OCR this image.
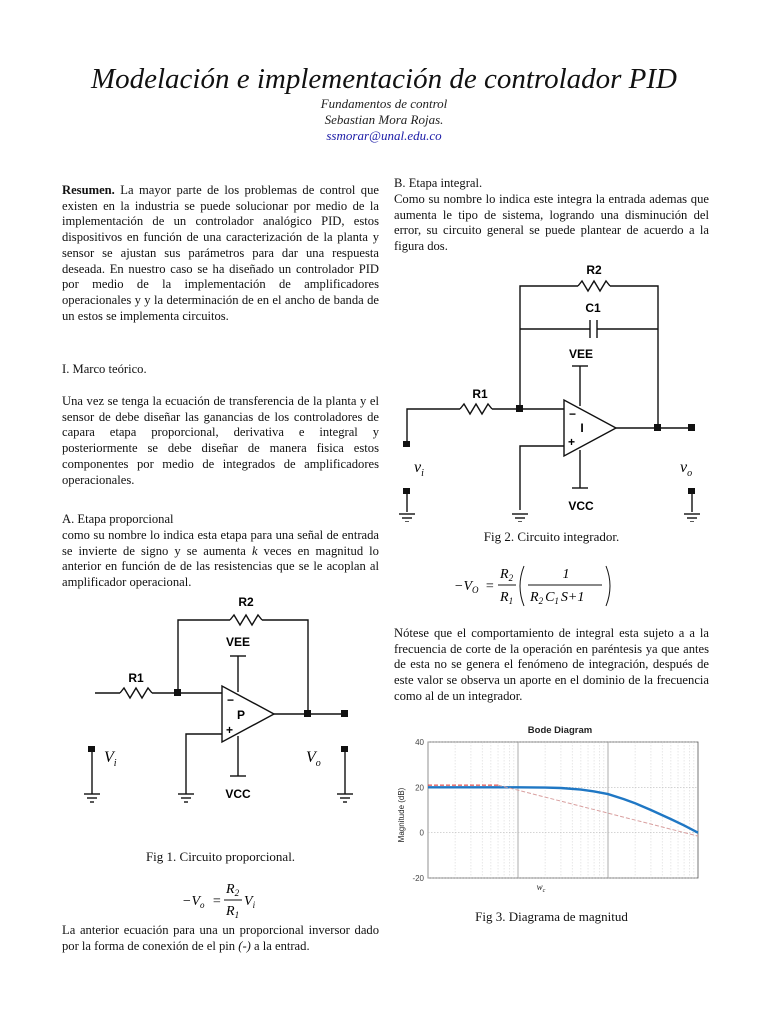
Modelación e implementación de controlador PID
Fundamentos de control
Sebastian Mora Rojas.
ssmorar@unal.edu.co

Resumen. La mayor parte de los problemas de control que existen en la industria se puede solucionar por medio de la implementación de un controlador analógico PID, estos dispositivos en función de una caracterización de la planta y sensor se ajustan sus parámetros para dar una respuesta deseada. En nuestro caso se ha diseñado un controlador PID por medio de la implementación de amplificadores operacionales y y la determinación de en el ancho de banda de un estos se implementa circuitos.

I. Marco teórico.
Una vez se tenga la ecuación de transferencia de la planta y el sensor de debe diseñar las ganancias de los controladores de capara etapa proporcional, derivativa e integral y posteriormente se debe diseñar de manera fisica estos componentes por medio de integrados de amplificadores operacionales.
A. Etapa proporcional
como su nombre lo indica esta etapa para una señal de entrada se invierte de signo y se aumenta k veces en magnitud lo anterior en función de de las resistencias que se le acoplan al amplificador operacional.
R2
R1
VEE
VCC
P
−
+
$V_i$	$V_o$
Fig 1. Circuito proporcional.
$-V_o$ =
$R_2$
$R_1$
$V_i$
La anterior ecuación para una un proporcional inversor dado por la forma de conexión de el pin (-) a la entrad.
B. Etapa integral.
Como su nombre lo indica este integra la entrada ademas que aumenta le tipo de sistema, logrando una disminución del error, su circuito general se puede plantear de acuerdo a la figura dos.
R2
C1
VEE
VCC
R1
I
−
+
$v_i$	$v_o$
Fig 2. Circuito integrador.
$-V_O$ =
$R_2$
$R_1$
1
$R_2$ $C_1$ S+1
Nótese que el comportamiento de integral esta sujeto a a la frecuencia de corte de la operación en paréntesis ya que antes de esta no se genera el fenómeno de integración, después de este valor se observa un aporte en el dominio de la frecuencia como al de un integrador.
Bode Diagram
Magnitude (dB)
40
20
0
-20
$w_c$
Fig 3. Diagrama de magnitud
